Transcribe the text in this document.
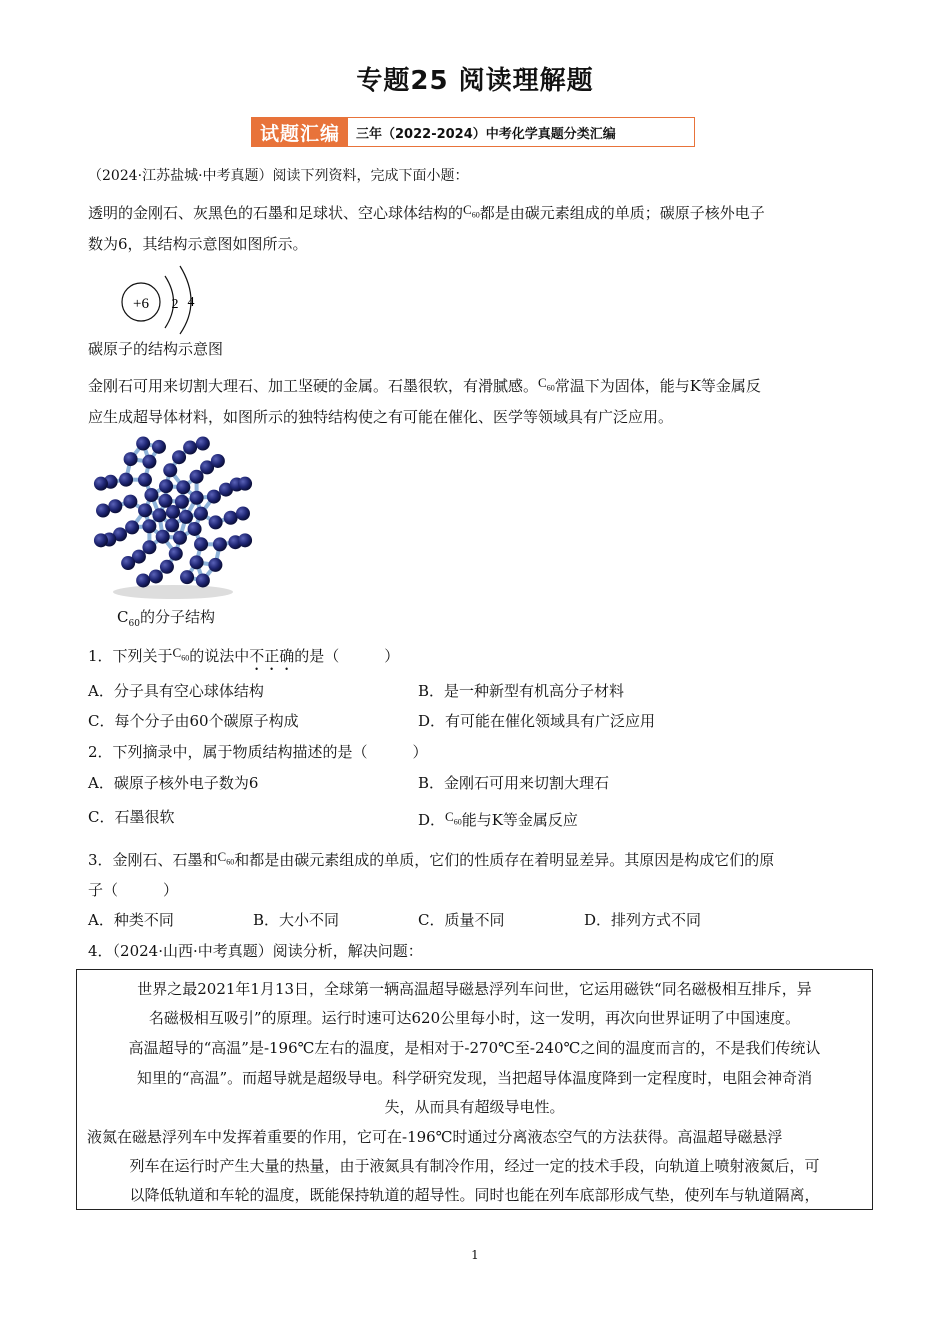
专题25 阅读理解题
试题汇编	三年（2022-2024）中考化学真题分类汇编
（2024·江苏盐城·中考真题）阅读下列资料，完成下面小题：
透明的金刚石、灰黑色的石墨和足球状、空心球体结构的$C_{60}$都是由碳元素组成的单质；碳原子核外电子
数为6，其结构示意图如图所示。
+6 2 4
碳原子的结构示意图
金刚石可用来切割大理石、加工坚硬的金属。石墨很软，有滑腻感。$C_{60}$常温下为固体，能与K等金属反
应生成超导体材料，如图所示的独特结构使之有可能在催化、医学等领域具有广泛应用。
$C_{60}$的分子结构
1．下列关于$C_{60}$的说法中不正确的是（　　　）
A．分子具有空心球体结构	B．是一种新型有机高分子材料
C．每个分子由60个碳原子构成	D．有可能在催化领域具有广泛应用
2．下列摘录中，属于物质结构描述的是（　　　）
A．碳原子核外电子数为6	B．金刚石可用来切割大理石
C．石墨很软	D．$C_{60}$能与K等金属反应
3．金刚石、石墨和$C_{60}$和都是由碳元素组成的单质，它们的性质存在着明显差异。其原因是构成它们的原
子（　　　）
A．种类不同	B．大小不同	C．质量不同	D．排列方式不同
4．（2024·山西·中考真题）阅读分析，解决问题：
世界之最2021年1月13日，全球第一辆高温超导磁悬浮列车问世，它运用磁铁“同名磁极相互排斥，异
名磁极相互吸引”的原理。运行时速可达620公里每小时，这一发明，再次向世界证明了中国速度。
高温超导的“高温”是-196℃左右的温度，是相对于-270℃至-240℃之间的温度而言的，不是我们传统认
知里的“高温”。而超导就是超级导电。科学研究发现，当把超导体温度降到一定程度时，电阻会神奇消
失，从而具有超级导电性。
液氮在磁悬浮列车中发挥着重要的作用，它可在-196℃时通过分离液态空气的方法获得。高温超导磁悬浮
列车在运行时产生大量的热量，由于液氮具有制冷作用，经过一定的技术手段，向轨道上喷射液氮后，可
以降低轨道和车轮的温度，既能保持轨道的超导性。同时也能在列车底部形成气垫，使列车与轨道隔离，
1
